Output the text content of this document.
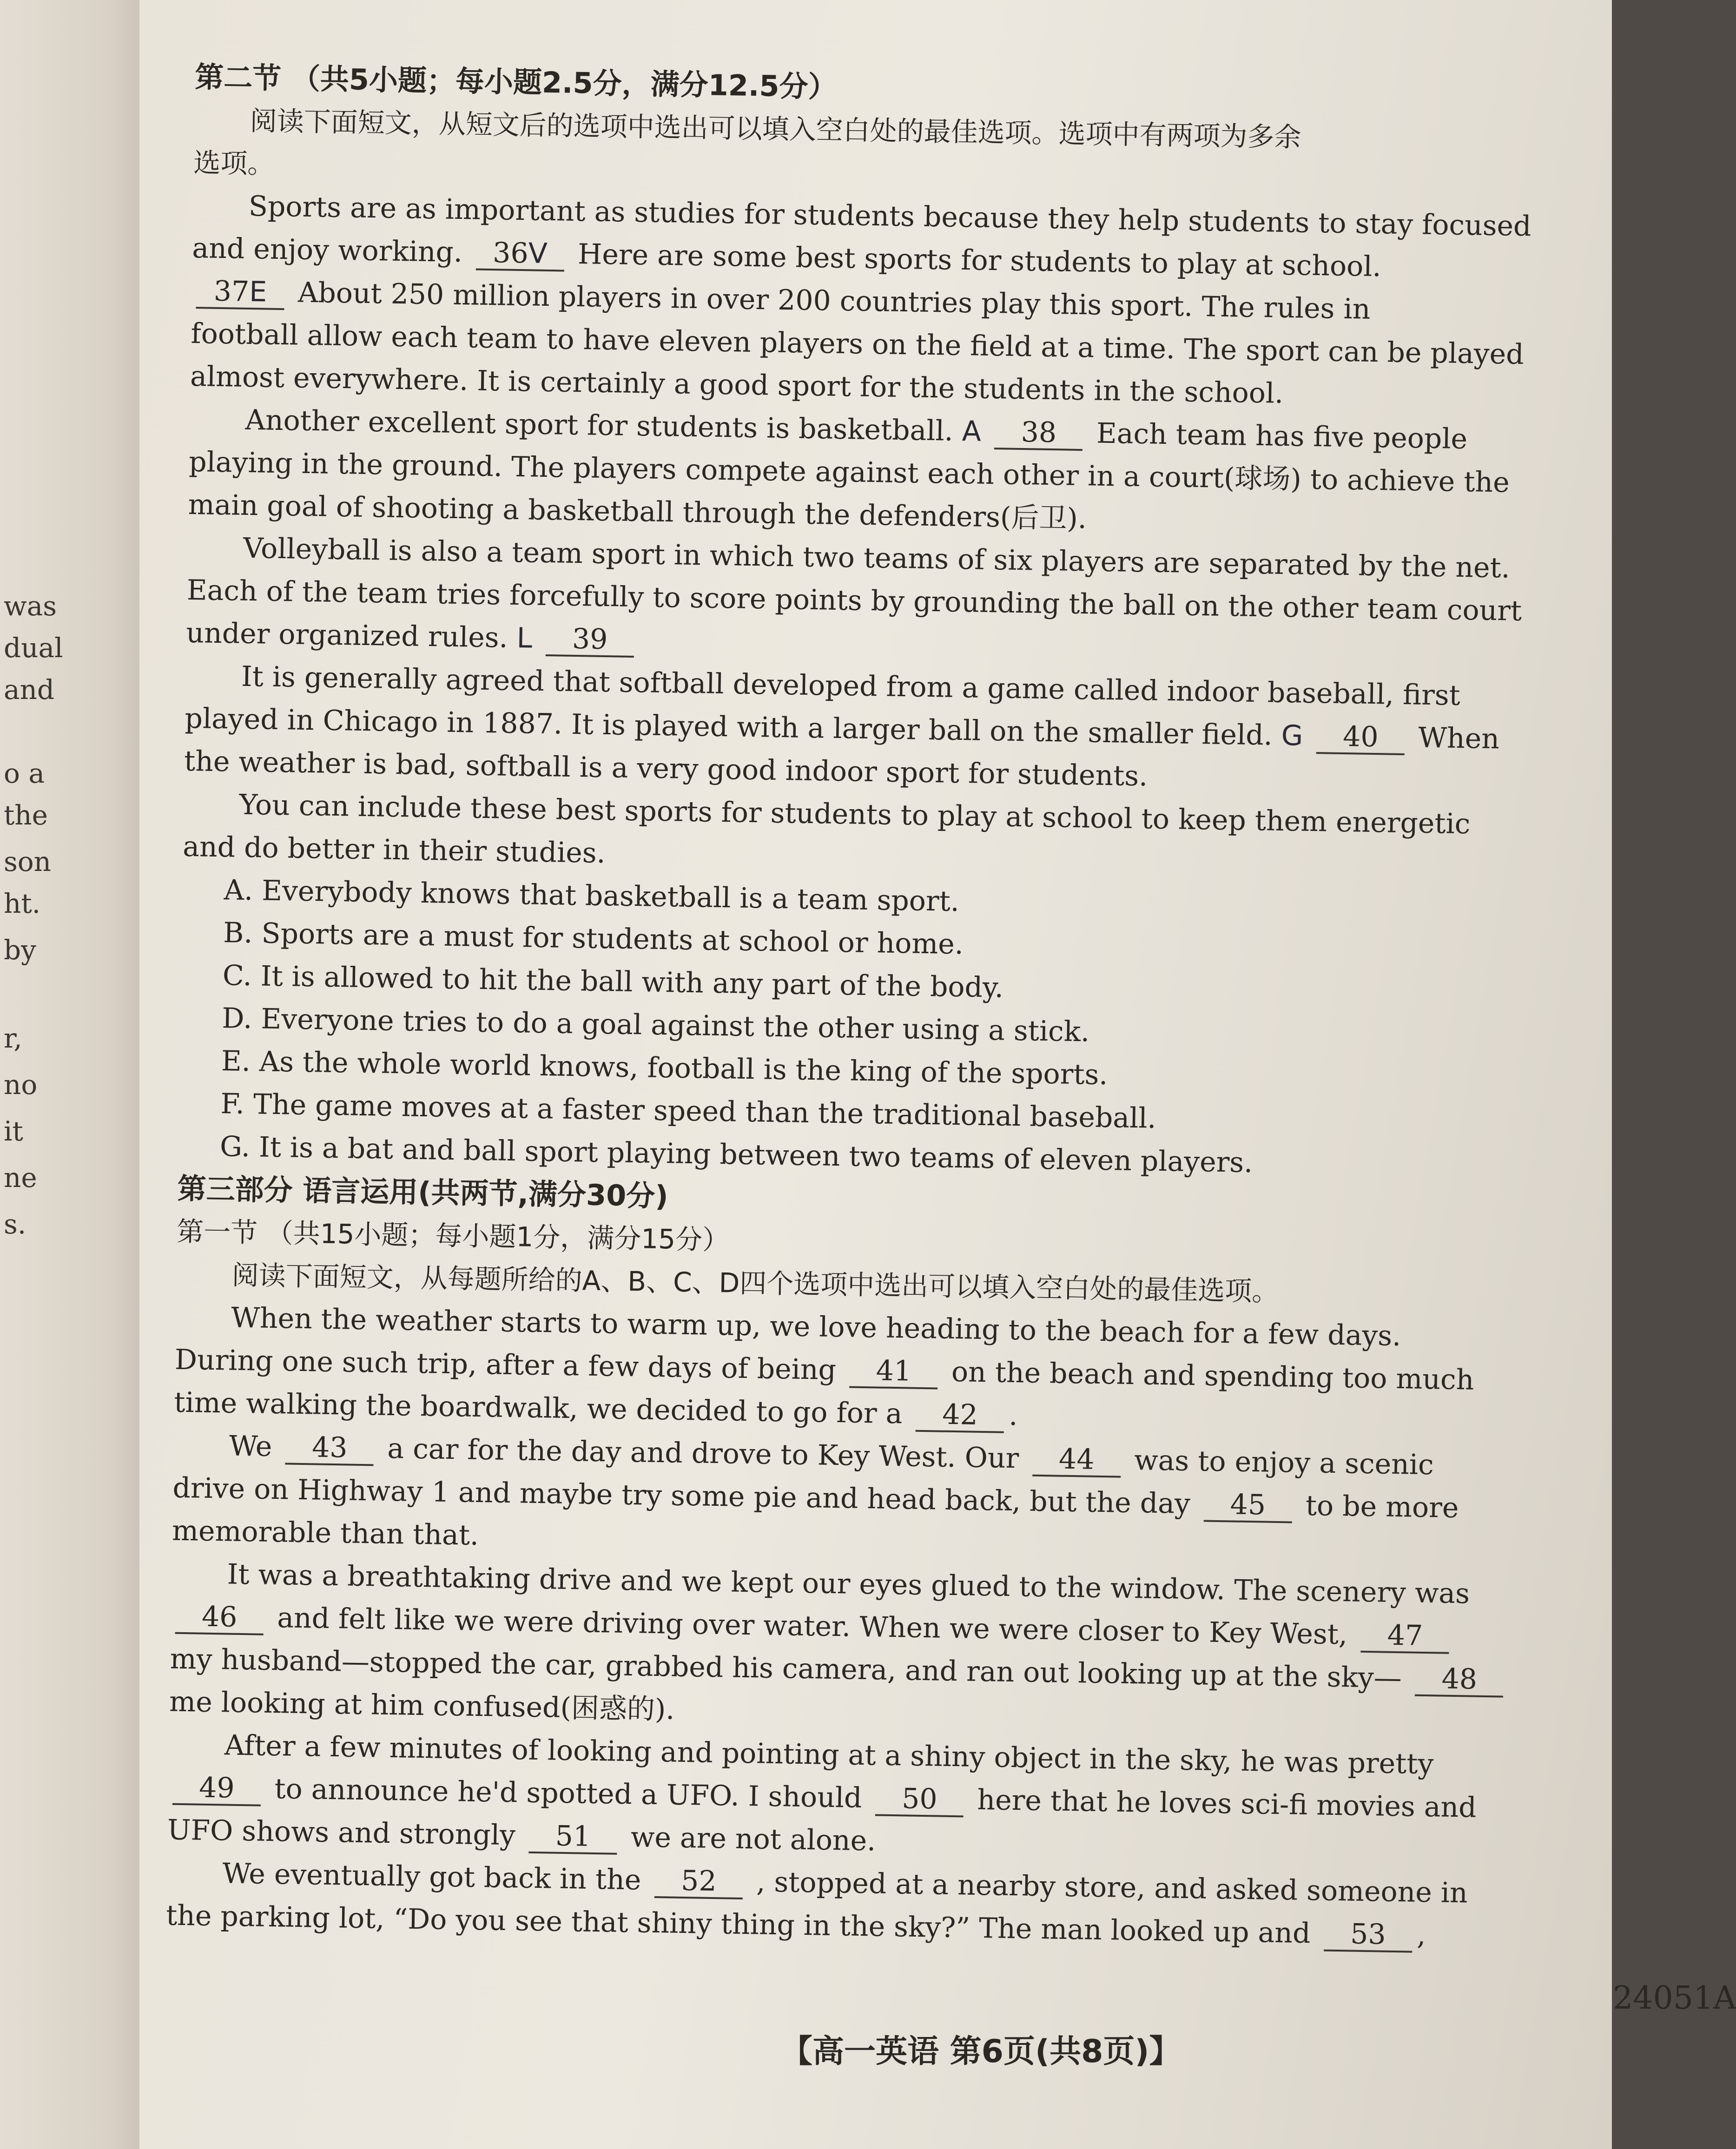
was
dual
and
o a
the
son
ht.
by
r,
no
it
ne
s.
第二节 （共5小题；每小题2.5分，满分12.5分）
阅读下面短文，从短文后的选项中选出可以填入空白处的最佳选项。选项中有两项为多余
选项。
Sports are as important as studies for students because they help students to stay focused
and enjoy working. 36V Here are some best sports for students to play at school.
37E About 250 million players in over 200 countries play this sport. The rules in
football allow each team to have eleven players on the field at a time. The sport can be played
almost everywhere. It is certainly a good sport for the students in the school.
Another excellent sport for students is basketball. A 38 Each team has five people
playing in the ground. The players compete against each other in a court(球场) to achieve the
main goal of shooting a basketball through the defenders(后卫).
Volleyball is also a team sport in which two teams of six players are separated by the net.
Each of the team tries forcefully to score points by grounding the ball on the other team court
under organized rules. L 39
It is generally agreed that softball developed from a game called indoor baseball, first
played in Chicago in 1887. It is played with a larger ball on the smaller field. G 40 When
the weather is bad, softball is a very good indoor sport for students.
You can include these best sports for students to play at school to keep them energetic
and do better in their studies.
A. Everybody knows that basketball is a team sport.
B. Sports are a must for students at school or home.
C. It is allowed to hit the ball with any part of the body.
D. Everyone tries to do a goal against the other using a stick.
E. As the whole world knows, football is the king of the sports.
F. The game moves at a faster speed than the traditional baseball.
G. It is a bat and ball sport playing between two teams of eleven players.
第三部分 语言运用(共两节,满分30分)
第一节 （共15小题；每小题1分，满分15分）
阅读下面短文，从每题所给的A、B、C、D四个选项中选出可以填入空白处的最佳选项。
When the weather starts to warm up, we love heading to the beach for a few days.
During one such trip, after a few days of being 41 on the beach and spending too much
time walking the boardwalk, we decided to go for a 42 .
We 43 a car for the day and drove to Key West. Our 44 was to enjoy a scenic
drive on Highway 1 and maybe try some pie and head back, but the day 45 to be more
memorable than that.
It was a breathtaking drive and we kept our eyes glued to the window. The scenery was
46 and felt like we were driving over water. When we were closer to Key West, 47
my husband—stopped the car, grabbed his camera, and ran out looking up at the sky— 48
me looking at him confused(困惑的).
After a few minutes of looking and pointing at a shiny object in the sky, he was pretty
49 to announce he'd spotted a UFO. I should 50 here that he loves sci-fi movies and
UFO shows and strongly 51 we are not alone.
We eventually got back in the 52 , stopped at a nearby store, and asked someone in
the parking lot, “Do you see that shiny thing in the sky?” The man looked up and 53 ,
24051A
【高一英语 第6页(共8页)】
